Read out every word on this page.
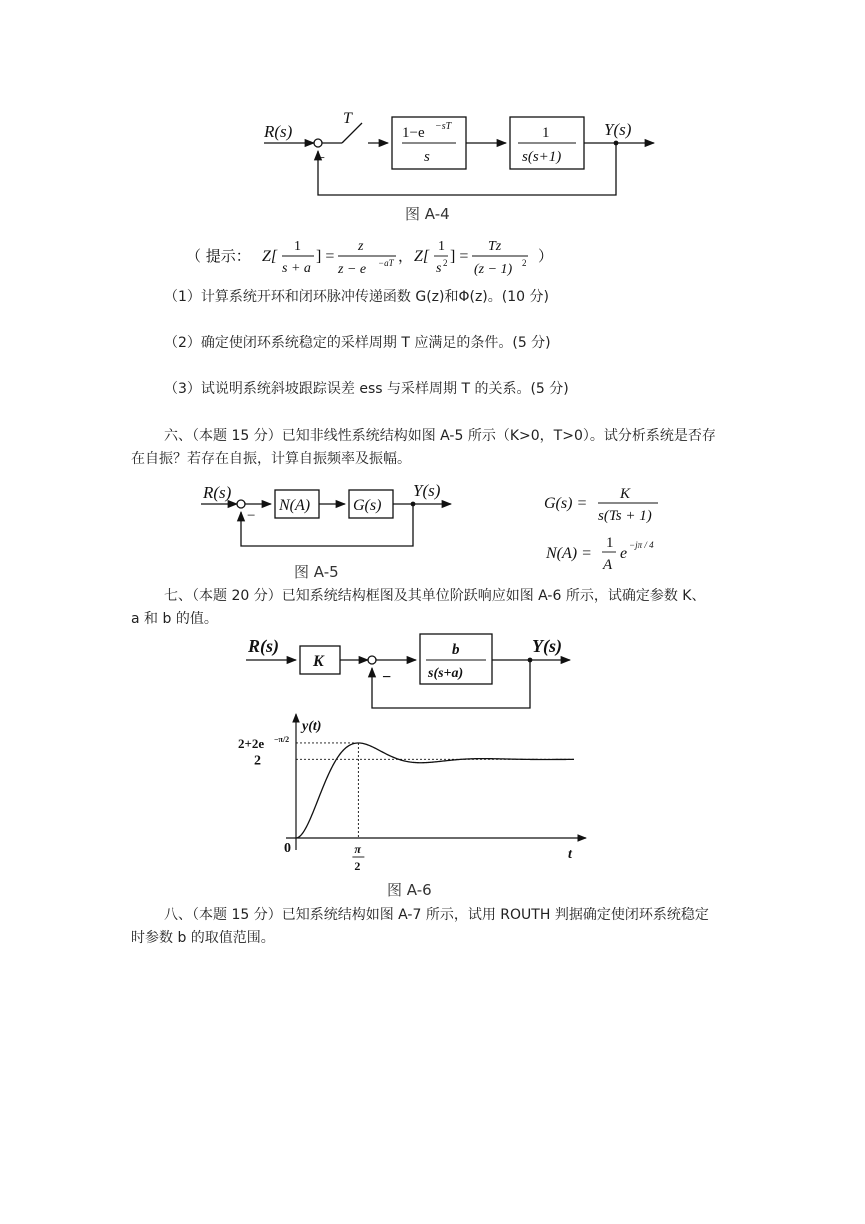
R(s)
−
T
1−e −sT
s
1
s(s+1)
Y(s)
图 A-4
（ 提示： Z[
1
s + a
] =
z
z − e −aT ， Z[
1
s 2 ] =
Tz
(z − 1) 2 ）
（1）计算系统开环和闭环脉冲传递函数 G(z)和Φ(z)。(10 分)
（2）确定使闭环系统稳定的采样周期 T 应满足的条件。(5 分)
（3）试说明系统斜坡跟踪误差 ess 与采样周期 T 的关系。(5 分)
六、（本题 15 分）已知非线性系统结构如图 A-5 所示（K>0，T>0）。试分析系统是否存
在自振？若存在自振，计算自振频率及振幅。
R(s)
−
N(A)	G(s)
Y(s)
图 A-5
G(s) =
K
s(Ts + 1)
N(A) =
1
A
e −jπ / 4
七、（本题 20 分）已知系统结构框图及其单位阶跃响应如图 A-6 所示，试确定参数 K、
a 和 b 的值。
R(s)
K
−
b
s(s+a)
Y(s)
y(t)
t
0
2+2e −π/2
2
π
2
图 A-6
八、（本题 15 分）已知系统结构如图 A-7 所示，试用 ROUTH 判据确定使闭环系统稳定
时参数 b 的取值范围。
